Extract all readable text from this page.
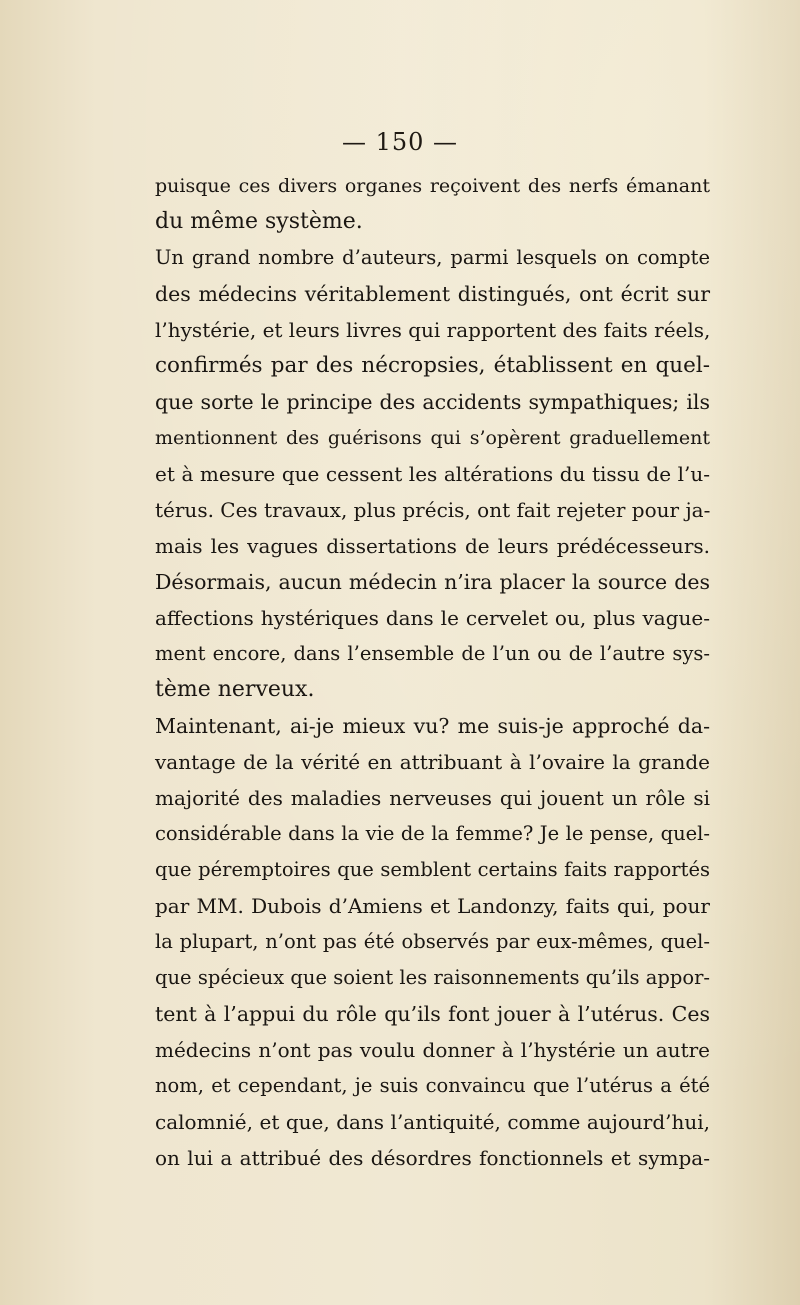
— 150 —
puisque ces divers organes reçoivent des nerfs émanant
du même système.
Un grand nombre d’auteurs, parmi lesquels on compte
des médecins véritablement distingués, ont écrit sur
l’hystérie, et leurs livres qui rapportent des faits réels,
confirmés par des nécropsies, établissent en quel-
que sorte le principe des accidents sympathiques; ils
mentionnent des guérisons qui s’opèrent graduellement
et à mesure que cessent les altérations du tissu de l’u-
térus. Ces travaux, plus précis, ont fait rejeter pour ja-
mais les vagues dissertations de leurs prédécesseurs.
Désormais, aucun médecin n’ira placer la source des
affections hystériques dans le cervelet ou, plus vague-
ment encore, dans l’ensemble de l’un ou de l’autre sys-
tème nerveux.
Maintenant, ai-je mieux vu? me suis-je approché da-
vantage de la vérité en attribuant à l’ovaire la grande
majorité des maladies nerveuses qui jouent un rôle si
considérable dans la vie de la femme? Je le pense, quel-
que péremptoires que semblent certains faits rapportés
par MM. Dubois d’Amiens et Landonzy, faits qui, pour
la plupart, n’ont pas été observés par eux-mêmes, quel-
que spécieux que soient les raisonnements qu’ils appor-
tent à l’appui du rôle qu’ils font jouer à l’utérus. Ces
médecins n’ont pas voulu donner à l’hystérie un autre
nom, et cependant, je suis convaincu que l’utérus a été
calomnié, et que, dans l’antiquité, comme aujourd’hui,
on lui a attribué des désordres fonctionnels et sympa-
